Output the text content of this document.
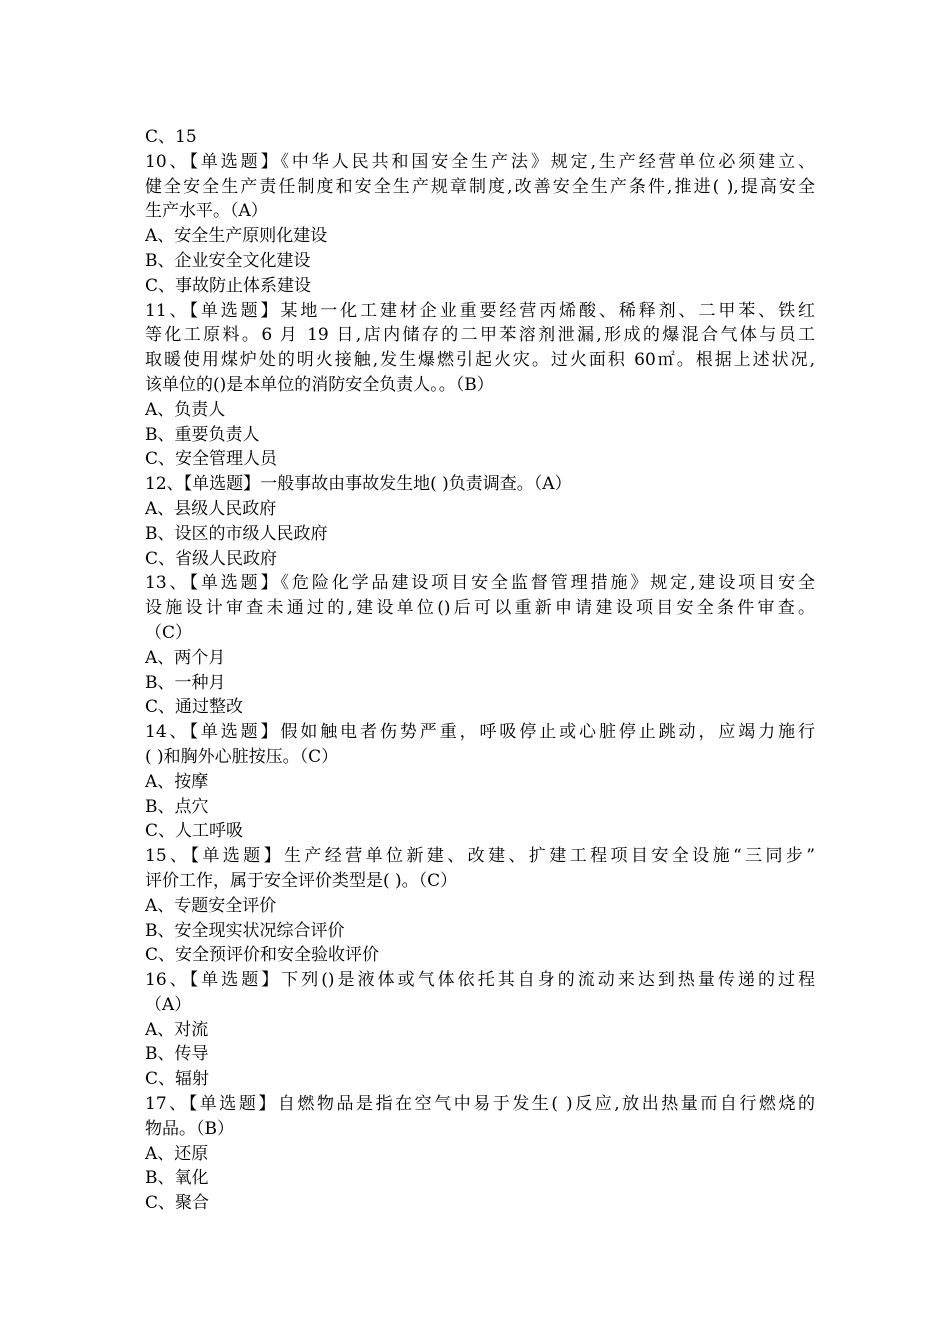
C、15
10、【单选题】《中华人民共和国安全生产法》规定,生产经营单位必须建立、
健全安全生产责任制度和安全生产规章制度,改善安全生产条件,推进( ),提高安全
生产水平。（A）
A、安全生产原则化建设
B、企业安全文化建设
C、事故防止体系建设
11、【单选题】某地一化工建材企业重要经营丙烯酸、稀释剂、二甲苯、铁红
等化工原料。6 月 19 日,店内储存的二甲苯溶剂泄漏,形成的爆混合气体与员工
取暖使用煤炉处的明火接触,发生爆燃引起火灾。过火面积 60㎡。根据上述状况,
该单位的()是本单位的消防安全负责人。。（B）
A、负责人
B、重要负责人
C、安全管理人员
12、【单选题】一般事故由事故发生地( )负责调查。（A）
A、县级人民政府
B、设区的市级人民政府
C、省级人民政府
13、【单选题】《危险化学品建设项目安全监督管理措施》规定,建设项目安全
设施设计审查未通过的,建设单位()后可以重新申请建设项目安全条件审查。
（C）
A、两个月
B、一种月
C、通过整改
14、【单选题】假如触电者伤势严重，呼吸停止或心脏停止跳动，应竭力施行
( )和胸外心脏按压。（C）
A、按摩
B、点穴
C、人工呼吸
15、【单选题】生产经营单位新建、改建、扩建工程项目安全设施“三同步”
评价工作，属于安全评价类型是( )。（C）
A、专题安全评价
B、安全现实状况综合评价
C、安全预评价和安全验收评价
16、【单选题】下列()是液体或气体依托其自身的流动来达到热量传递的过程
（A）
A、对流
B、传导
C、辐射
17、【单选题】自燃物品是指在空气中易于发生( )反应,放出热量而自行燃烧的
物品。（B）
A、还原
B、氧化
C、聚合
